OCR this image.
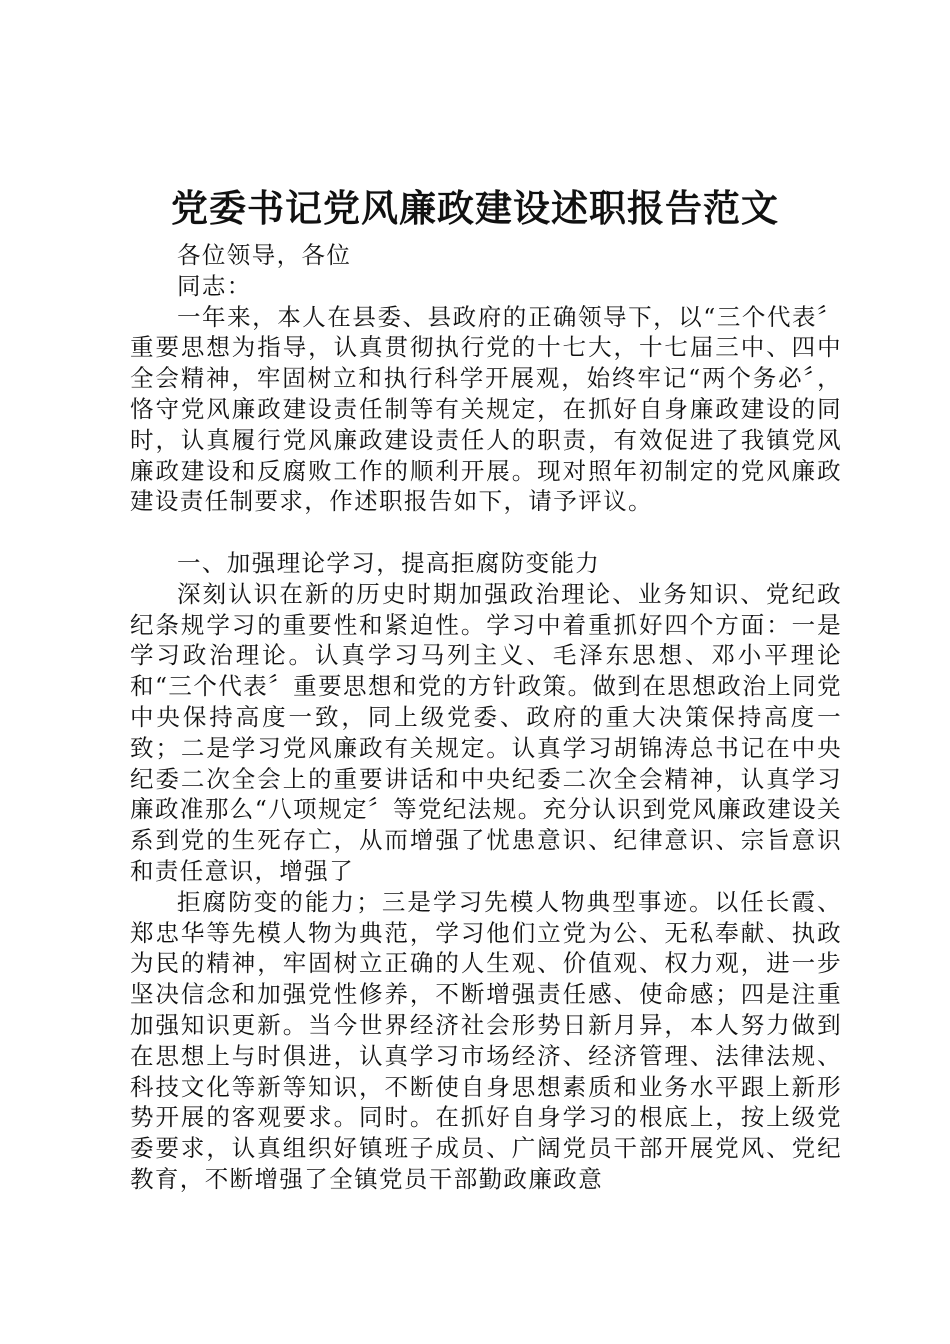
党委书记党风廉政建设述职报告范文

各位领导，各位

同志：

一年来，本人在县委、县政府的正确领导下，以“三个代表〞重要思想为指导，认真贯彻执行党的十七大，十七届三中、四中全会精神，牢固树立和执行科学开展观，始终牢记“两个务必〞，恪守党风廉政建设责任制等有关规定，在抓好自身廉政建设的同时，认真履行党风廉政建设责任人的职责，有效促进了我镇党风廉政建设和反腐败工作的顺利开展。现对照年初制定的党风廉政建设责任制要求，作述职报告如下，请予评议。

一、加强理论学习，提高拒腐防变能力

深刻认识在新的历史时期加强政治理论、业务知识、党纪政纪条规学习的重要性和紧迫性。学习中着重抓好四个方面：一是学习政治理论。认真学习马列主义、毛泽东思想、邓小平理论和“三个代表〞重要思想和党的方针政策。做到在思想政治上同党中央保持高度一致，同上级党委、政府的重大决策保持高度一致；二是学习党风廉政有关规定。认真学习胡锦涛总书记在中央纪委二次全会上的重要讲话和中央纪委二次全会精神，认真学习廉政准那么“八项规定〞等党纪法规。充分认识到党风廉政建设关系到党的生死存亡，从而增强了忧患意识、纪律意识、宗旨意识和责任意识，增强了

拒腐防变的能力；三是学习先模人物典型事迹。以任长霞、郑忠华等先模人物为典范，学习他们立党为公、无私奉献、执政为民的精神，牢固树立正确的人生观、价值观、权力观，进一步坚决信念和加强党性修养，不断增强责任感、使命感；四是注重加强知识更新。当今世界经济社会形势日新月异，本人努力做到在思想上与时俱进，认真学习市场经济、经济管理、法律法规、科技文化等新等知识，不断使自身思想素质和业务水平跟上新形势开展的客观要求。同时。在抓好自身学习的根底上，按上级党委要求，认真组织好镇班子成员、广阔党员干部开展党风、党纪教育，不断增强了全镇党员干部勤政廉政意
